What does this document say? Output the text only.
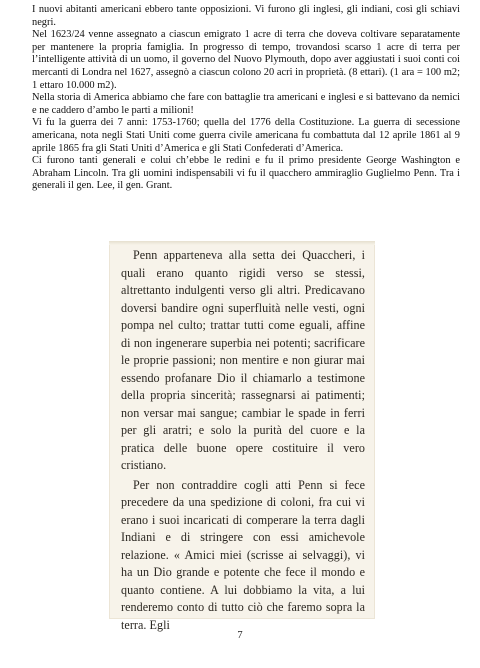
I nuovi abitanti americani ebbero tante opposizioni. Vi furono gli inglesi, gli indiani, così gli schiavi negri.

Nel 1623/24 venne assegnato a ciascun emigrato 1 acre di terra che doveva coltivare separatamente per mantenere la propria famiglia. In progresso di tempo, trovandosi scarso 1 acre di terra per l’intelligente attività di un uomo, il governo del Nuovo Plymouth, dopo aver aggiustati i suoi conti coi mercanti di Londra nel 1627, assegnò a ciascun colono 20 acri in proprietà. (8 ettari). (1 ara = 100 m2; 1 ettaro 10.000 m2).

Nella storia di America abbiamo che fare con battaglie tra americani e inglesi e si battevano da nemici e ne caddero d’ambo le parti a milioni!

Vi fu la guerra dei 7 anni: 1753-1760; quella del 1776 della Costituzione. La guerra di secessione americana, nota negli Stati Uniti come guerra civile americana fu combattuta dal 12 aprile 1861 al 9 aprile 1865 fra gli Stati Uniti d’America e gli Stati Confederati d’America.

Ci furono tanti generali e colui ch’ebbe le redini e fu il primo presidente George Washington e Abraham Lincoln. Tra gli uomini indispensabili vi fu il quacchero ammiraglio Guglielmo Penn. Tra i generali il gen. Lee, il gen. Grant.

Penn apparteneva alla setta dei Quaccheri, i quali erano quanto rigidi verso se stessi, altrettanto indulgenti verso gli altri. Predicavano doversi bandire ogni superfluità nelle vesti, ogni pompa nel culto; trattar tutti come eguali, affine di non ingenerare superbia nei potenti; sacrificare le proprie passioni; non mentire e non giurar mai essendo profanare Dio il chiamarlo a testimone della propria sincerità; rassegnarsi ai patimenti; non versar mai sangue; cambiar le spade in ferri per gli aratri; e solo la purità del cuore e la pratica delle buone opere costituire il vero cristiano.

Per non contraddire cogli atti Penn si fece precedere da una spedizione di coloni, fra cui vi erano i suoi incaricati di comperare la terra dagli Indiani e di stringere con essi amichevole relazione. « Amici miei (scrisse ai selvaggi), vi ha un Dio grande e potente che fece il mondo e quanto contiene. A lui dobbiamo la vita, a lui renderemo conto di tutto ciò che faremo sopra la terra. Egli

7
